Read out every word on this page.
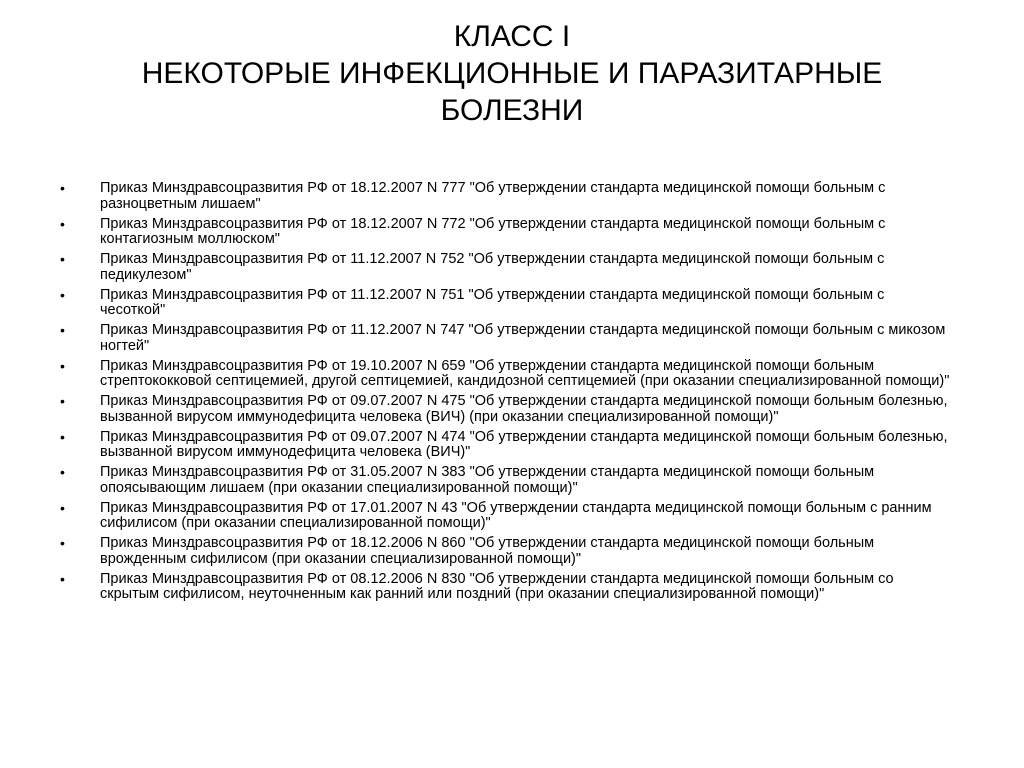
КЛАСС I
НЕКОТОРЫЕ ИНФЕКЦИОННЫЕ И ПАРАЗИТАРНЫЕ
БОЛЕЗНИ
• Приказ Минздравсоцразвития РФ от 18.12.2007 N 777 "Об утверждении стандарта медицинской помощи больным с разноцветным лишаем"
• Приказ Минздравсоцразвития РФ от 18.12.2007 N 772 "Об утверждении стандарта медицинской помощи больным с контагиозным моллюском"
• Приказ Минздравсоцразвития РФ от 11.12.2007 N 752 "Об утверждении стандарта медицинской помощи больным с педикулезом"
• Приказ Минздравсоцразвития РФ от 11.12.2007 N 751 "Об утверждении стандарта медицинской помощи больным с чесоткой"
• Приказ Минздравсоцразвития РФ от 11.12.2007 N 747 "Об утверждении стандарта медицинской помощи больным с микозом ногтей"
• Приказ Минздравсоцразвития РФ от 19.10.2007 N 659 "Об утверждении стандарта медицинской помощи больным стрептококковой септицемией, другой септицемией, кандидозной септицемией (при оказании специализированной помощи)"
• Приказ Минздравсоцразвития РФ от 09.07.2007 N 475 "Об утверждении стандарта медицинской помощи больным болезнью, вызванной вирусом иммунодефицита человека (ВИЧ) (при оказании специализированной помощи)"
• Приказ Минздравсоцразвития РФ от 09.07.2007 N 474 "Об утверждении стандарта медицинской помощи больным болезнью, вызванной вирусом иммунодефицита человека (ВИЧ)"
• Приказ Минздравсоцразвития РФ от 31.05.2007 N 383 "Об утверждении стандарта медицинской помощи больным опоясывающим лишаем (при оказании специализированной помощи)"
• Приказ Минздравсоцразвития РФ от 17.01.2007 N 43 "Об утверждении стандарта медицинской помощи больным с ранним сифилисом (при оказании специализированной помощи)"
• Приказ Минздравсоцразвития РФ от 18.12.2006 N 860 "Об утверждении стандарта медицинской помощи больным врожденным сифилисом (при оказании специализированной помощи)"
• Приказ Минздравсоцразвития РФ от 08.12.2006 N 830 "Об утверждении стандарта медицинской помощи больным со скрытым сифилисом, неуточненным как ранний или поздний (при оказании специализированной помощи)"
